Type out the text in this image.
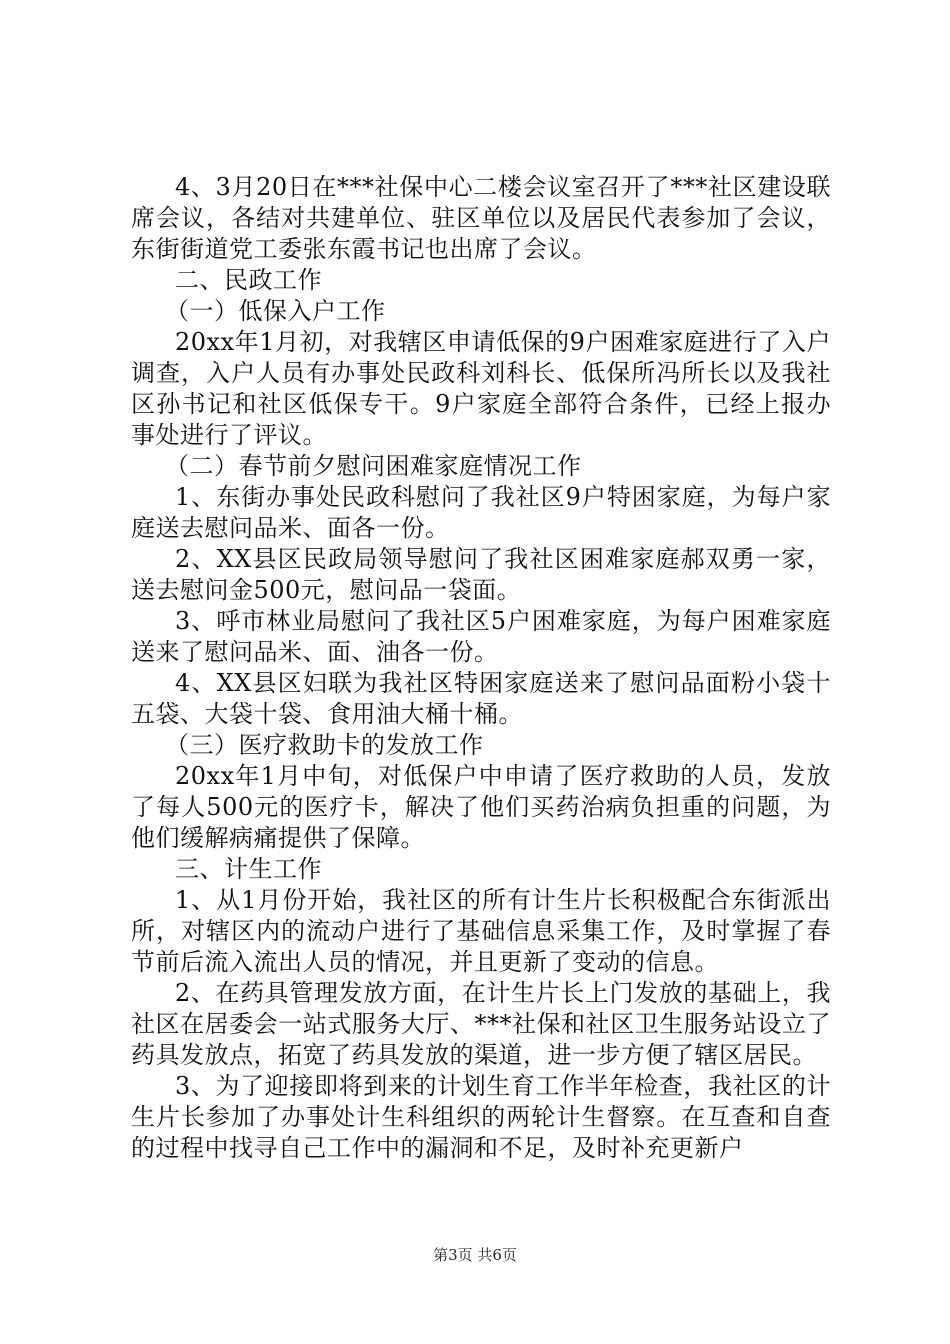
4、3月20日在***社保中心二楼会议室召开了***社区建设联席会议，各结对共建单位、驻区单位以及居民代表参加了会议，东街街道党工委张东霞书记也出席了会议。

二、民政工作

（一）低保入户工作

20xx年1月初，对我辖区申请低保的9户困难家庭进行了入户调查，入户人员有办事处民政科刘科长、低保所冯所长以及我社区孙书记和社区低保专干。9户家庭全部符合条件，已经上报办事处进行了评议。

（二）春节前夕慰问困难家庭情况工作

1、东街办事处民政科慰问了我社区9户特困家庭，为每户家庭送去慰问品米、面各一份。

2、XX县区民政局领导慰问了我社区困难家庭郝双勇一家，送去慰问金500元，慰问品一袋面。

3、呼市林业局慰问了我社区5户困难家庭，为每户困难家庭送来了慰问品米、面、油各一份。

4、XX县区妇联为我社区特困家庭送来了慰问品面粉小袋十五袋、大袋十袋、食用油大桶十桶。

（三）医疗救助卡的发放工作

20xx年1月中旬，对低保户中申请了医疗救助的人员，发放了每人500元的医疗卡，解决了他们买药治病负担重的问题，为他们缓解病痛提供了保障。

三、计生工作

1、从1月份开始，我社区的所有计生片长积极配合东街派出所，对辖区内的流动户进行了基础信息采集工作，及时掌握了春节前后流入流出人员的情况，并且更新了变动的信息。

2、在药具管理发放方面，在计生片长上门发放的基础上，我社区在居委会一站式服务大厅、***社保和社区卫生服务站设立了药具发放点，拓宽了药具发放的渠道，进一步方便了辖区居民。

3、为了迎接即将到来的计划生育工作半年检查，我社区的计生片长参加了办事处计生科组织的两轮计生督察。在互查和自查的过程中找寻自己工作中的漏洞和不足，及时补充更新户

第3页 共6页
